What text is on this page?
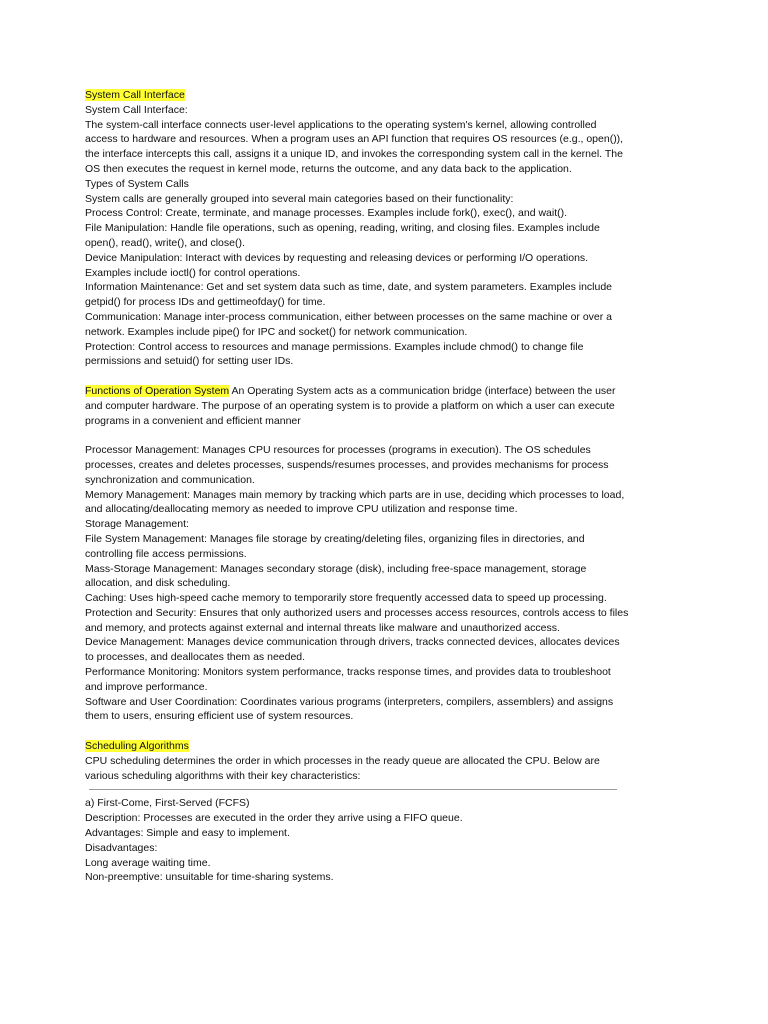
System Call Interface

System Call Interface:

The system-call interface connects user-level applications to the operating system's kernel, allowing controlled access to hardware and resources. When a program uses an API function that requires OS resources (e.g., open()), the interface intercepts this call, assigns it a unique ID, and invokes the corresponding system call in the kernel. The OS then executes the request in kernel mode, returns the outcome, and any data back to the application.

Types of System Calls

System calls are generally grouped into several main categories based on their functionality:

Process Control: Create, terminate, and manage processes. Examples include fork(), exec(), and wait().

File Manipulation: Handle file operations, such as opening, reading, writing, and closing files. Examples include open(), read(), write(), and close().

Device Manipulation: Interact with devices by requesting and releasing devices or performing I/O operations. Examples include ioctl() for control operations.

Information Maintenance: Get and set system data such as time, date, and system parameters. Examples include getpid() for process IDs and gettimeofday() for time.

Communication: Manage inter-process communication, either between processes on the same machine or over a network. Examples include pipe() for IPC and socket() for network communication.

Protection: Control access to resources and manage permissions. Examples include chmod() to change file permissions and setuid() for setting user IDs.

Functions of Operation System An Operating System acts as a communication bridge (interface) between the user and computer hardware. The purpose of an operating system is to provide a platform on which a user can execute programs in a convenient and efficient manner

Processor Management: Manages CPU resources for processes (programs in execution). The OS schedules processes, creates and deletes processes, suspends/resumes processes, and provides mechanisms for process synchronization and communication.

Memory Management: Manages main memory by tracking which parts are in use, deciding which processes to load, and allocating/deallocating memory as needed to improve CPU utilization and response time.

Storage Management:

File System Management: Manages file storage by creating/deleting files, organizing files in directories, and controlling file access permissions.

Mass-Storage Management: Manages secondary storage (disk), including free-space management, storage allocation, and disk scheduling.

Caching: Uses high-speed cache memory to temporarily store frequently accessed data to speed up processing.

Protection and Security: Ensures that only authorized users and processes access resources, controls access to files and memory, and protects against external and internal threats like malware and unauthorized access.

Device Management: Manages device communication through drivers, tracks connected devices, allocates devices to processes, and deallocates them as needed.

Performance Monitoring: Monitors system performance, tracks response times, and provides data to troubleshoot and improve performance.

Software and User Coordination: Coordinates various programs (interpreters, compilers, assemblers) and assigns them to users, ensuring efficient use of system resources.

Scheduling Algorithms

CPU scheduling determines the order in which processes in the ready queue are allocated the CPU. Below are various scheduling algorithms with their key characteristics:

a) First-Come, First-Served (FCFS)

Description: Processes are executed in the order they arrive using a FIFO queue.

Advantages: Simple and easy to implement.

Disadvantages:

Long average waiting time.

Non-preemptive: unsuitable for time-sharing systems.
